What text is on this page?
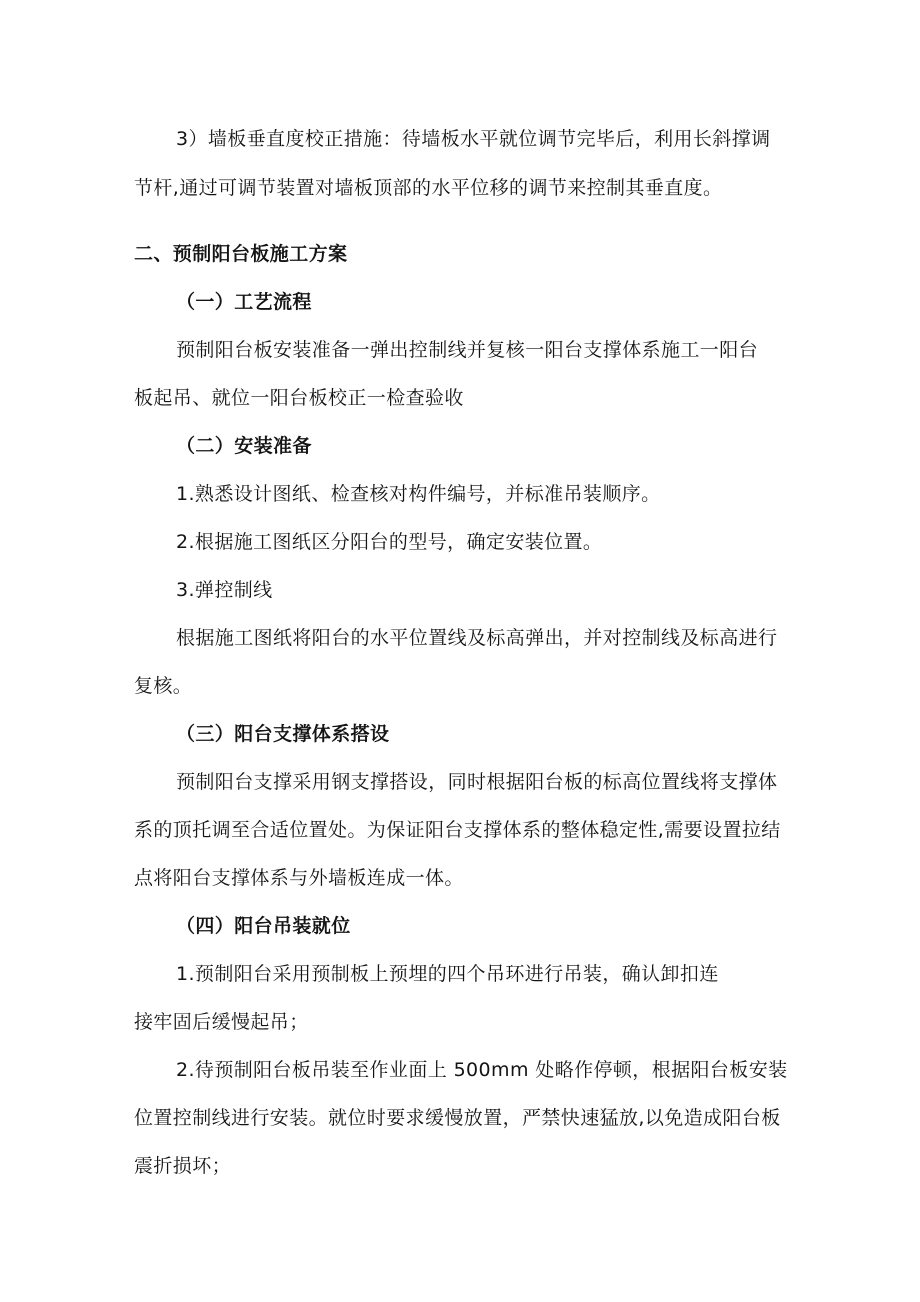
3）墙板垂直度校正措施：待墙板水平就位调节完毕后，利用长斜撑调
节杆,通过可调节装置对墙板顶部的水平位移的调节来控制其垂直度。
二、预制阳台板施工方案
（一）工艺流程
预制阳台板安装准备一弹出控制线并复核一阳台支撑体系施工一阳台
板起吊、就位一阳台板校正一检查验收
（二）安装准备
1.熟悉设计图纸、检查核对构件编号，并标准吊装顺序。
2.根据施工图纸区分阳台的型号，确定安装位置。
3.弹控制线
根据施工图纸将阳台的水平位置线及标高弹出，并对控制线及标高进行
复核。
（三）阳台支撑体系搭设
预制阳台支撑采用钢支撑搭设，同时根据阳台板的标高位置线将支撑体
系的顶托调至合适位置处。为保证阳台支撑体系的整体稳定性,需要设置拉结
点将阳台支撑体系与外墙板连成一体。
（四）阳台吊装就位
1.预制阳台采用预制板上预埋的四个吊环进行吊装，确认卸扣连
接牢固后缓慢起吊；
2.待预制阳台板吊装至作业面上 500mm 处略作停顿，根据阳台板安装
位置控制线进行安装。就位时要求缓慢放置，严禁快速猛放,以免造成阳台板
震折损坏；
